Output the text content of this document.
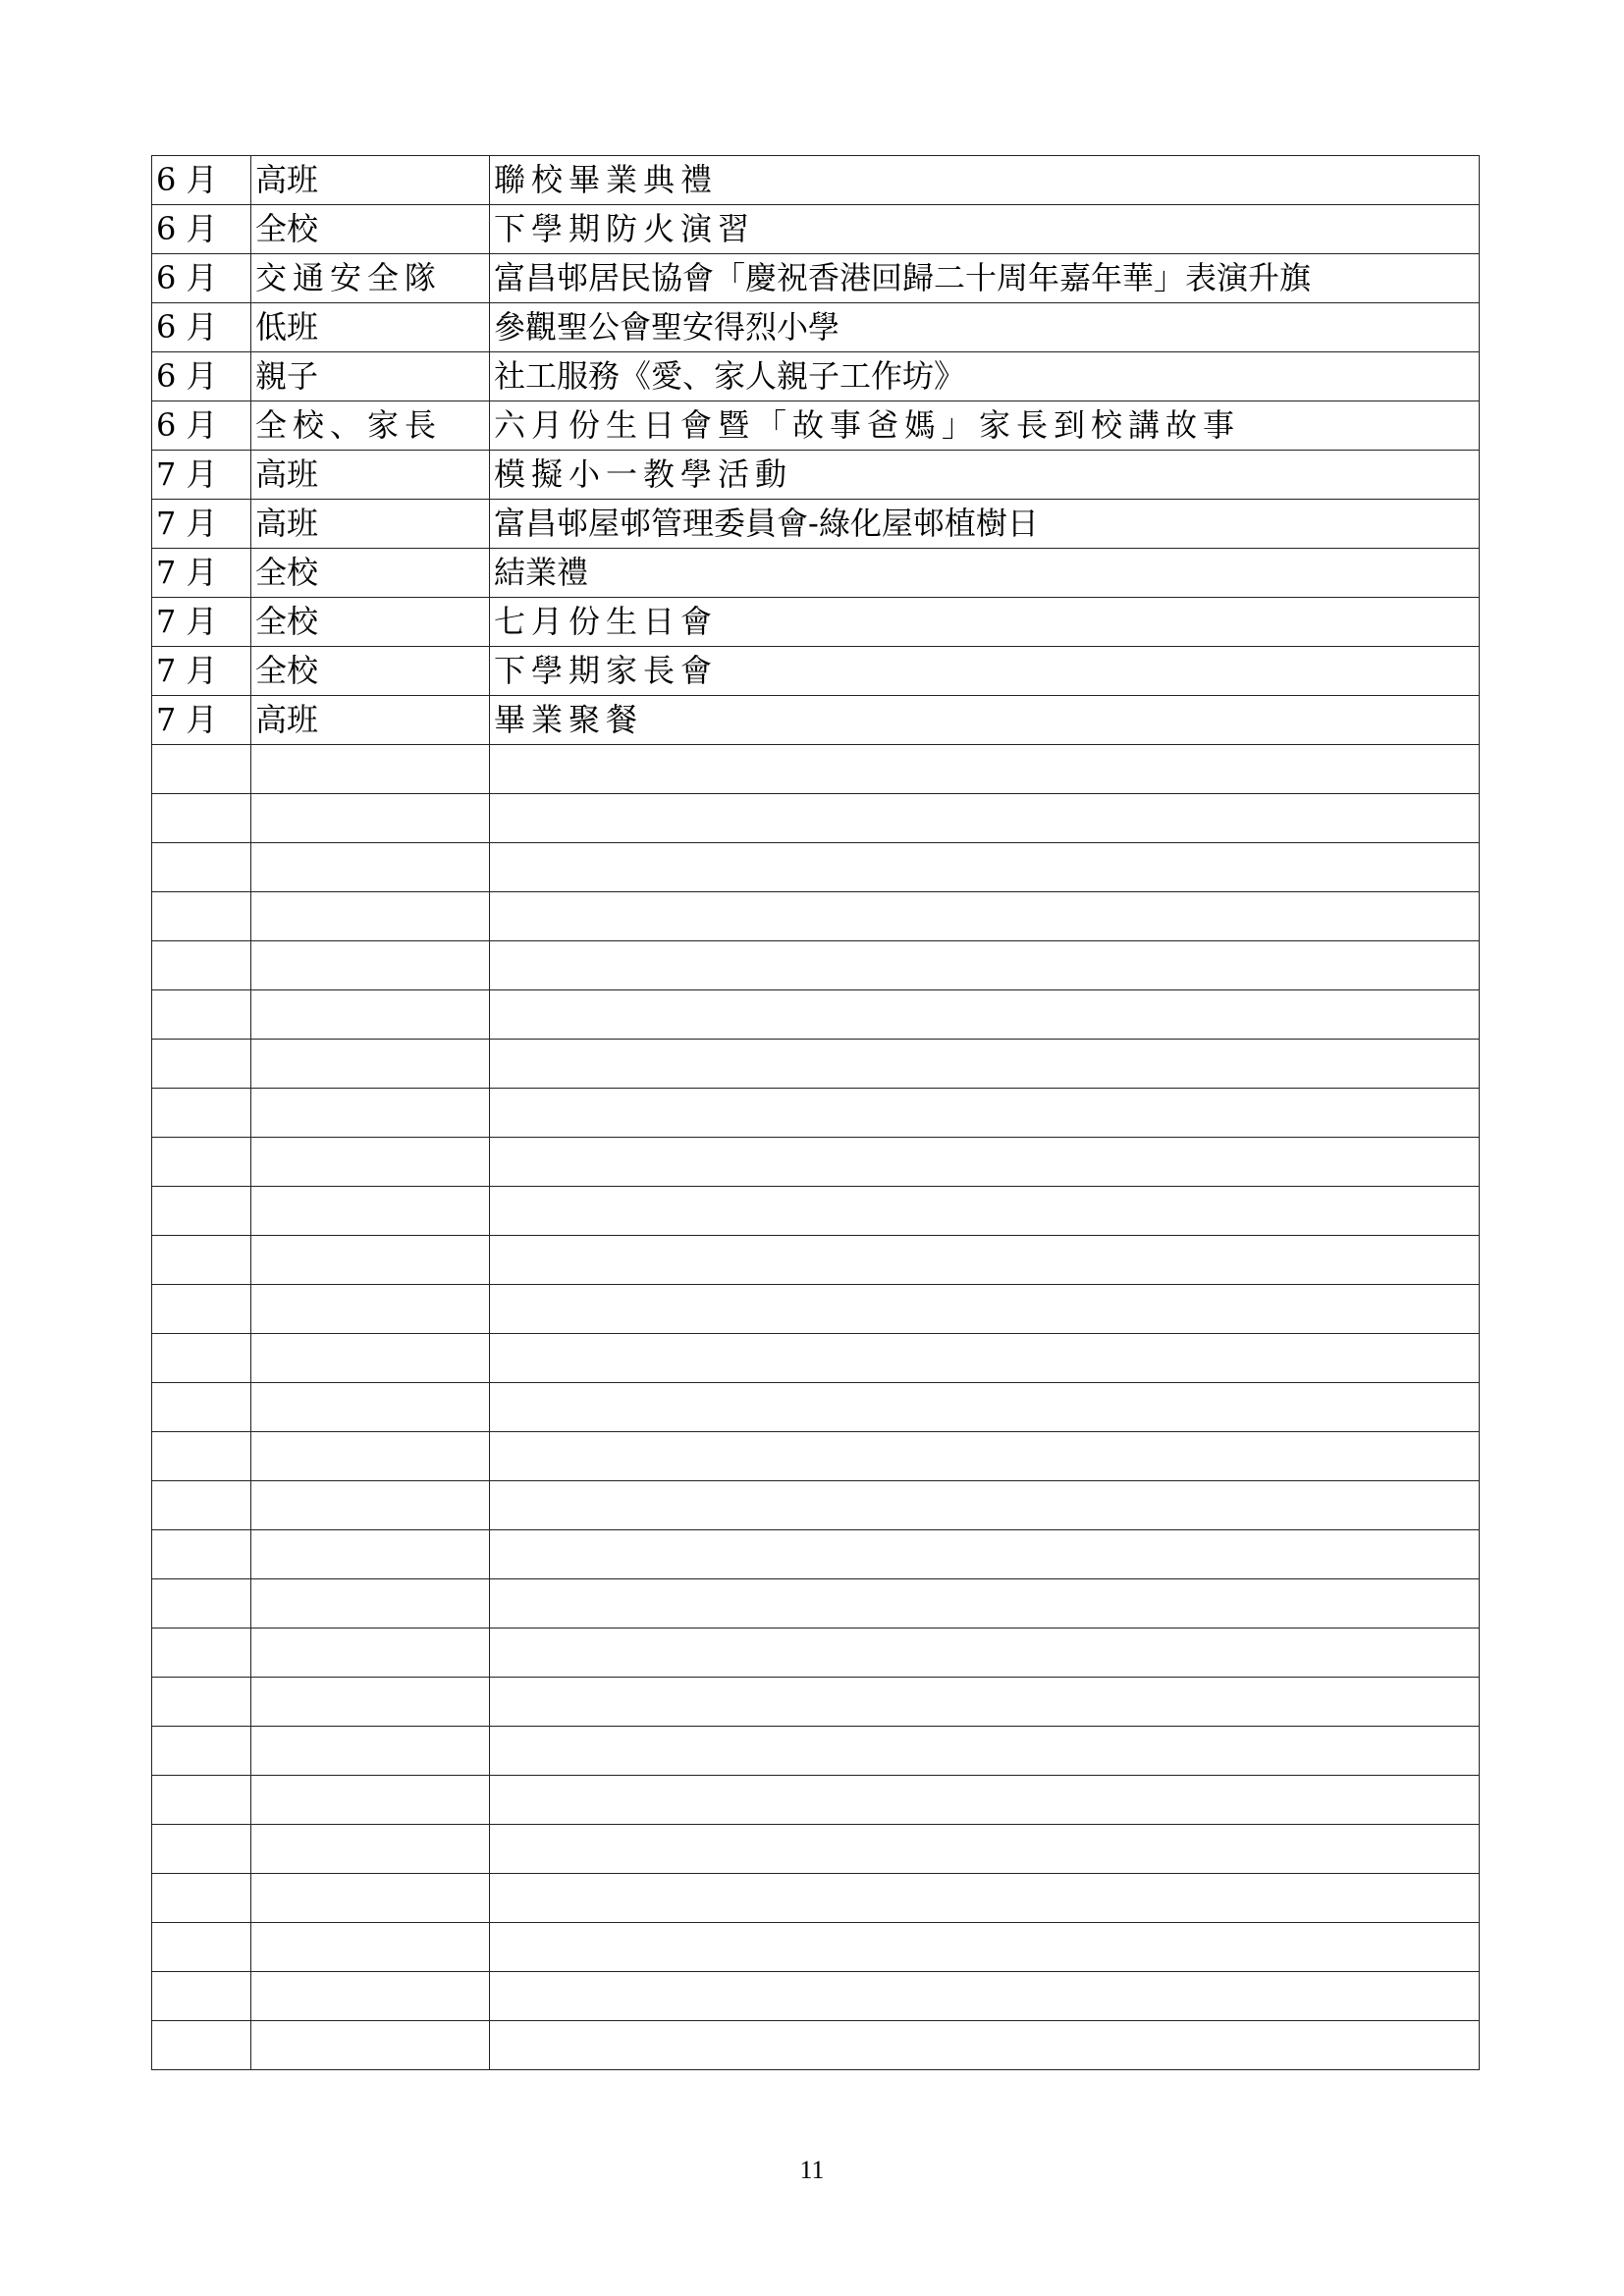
6 月	高班	聯校畢業典禮
6 月	全校	下學期防火演習
6 月	交通安全隊	富昌邨居民協會「慶祝香港回歸二十周年嘉年華」表演升旗
6 月	低班	參觀聖公會聖安得烈小學
6 月	親子	社工服務《愛、家人親子工作坊》
6 月	全校、家長	六月份生日會暨「故事爸媽」家長到校講故事
7 月	高班	模擬小一教學活動
7 月	高班	富昌邨屋邨管理委員會-綠化屋邨植樹日
7 月	全校	結業禮
7 月	全校	七月份生日會
7 月	全校	下學期家長會
7 月	高班	畢業聚餐

11
